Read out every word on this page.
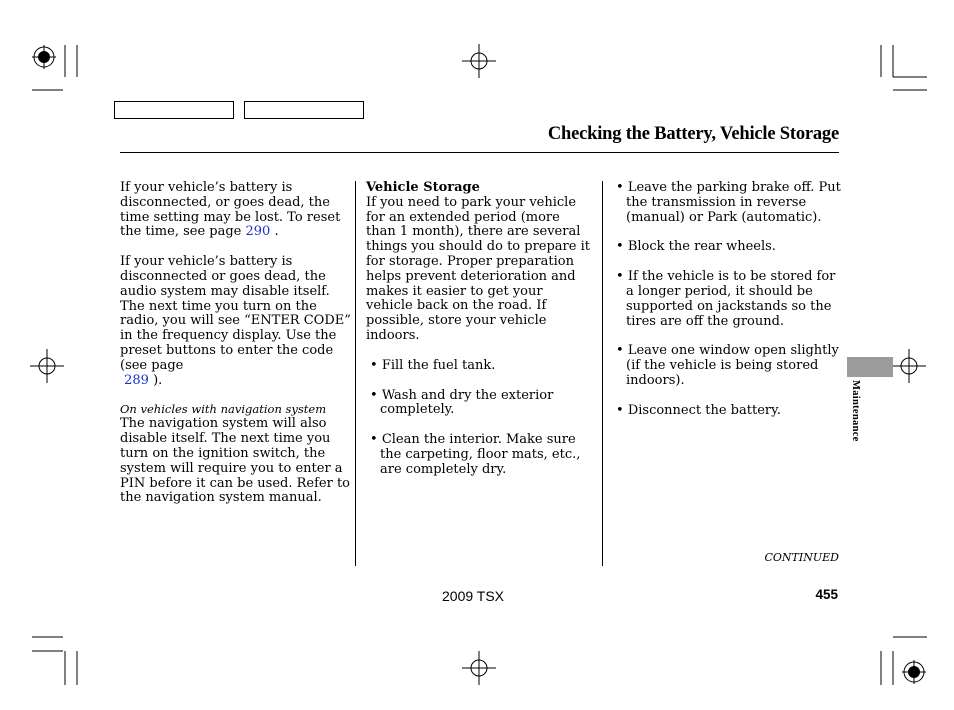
Checking the Battery, Vehicle Storage

If your vehicle’s battery is disconnected, or goes dead, the time setting may be lost. To reset the time, see page 290 .

If your vehicle’s battery is disconnected or goes dead, the audio system may disable itself. The next time you turn on the radio, you will see “ENTER CODE” in the frequency display. Use the preset buttons to enter the code (see page
289 ).

On vehicles with navigation system

The navigation system will also disable itself. The next time you turn on the ignition switch, the system will require you to enter a PIN before it can be used. Refer to the navigation system manual.

Vehicle Storage

If you need to park your vehicle for an extended period (more than 1 month), there are several things you should do to prepare it for storage. Proper preparation helps prevent deterioration and makes it easier to get your vehicle back on the road. If possible, store your vehicle indoors.

• Fill the fuel tank.
• Wash and dry the exterior completely.
• Clean the interior. Make sure the carpeting, floor mats, etc., are completely dry.
• Leave the parking brake off. Put the transmission in reverse (manual) or Park (automatic).
• Block the rear wheels.
• If the vehicle is to be stored for a longer period, it should be supported on jackstands so the tires are off the ground.
• Leave one window open slightly (if the vehicle is being stored indoors).
• Disconnect the battery.	Maintenance
CONTINUED
2009 TSX	455
